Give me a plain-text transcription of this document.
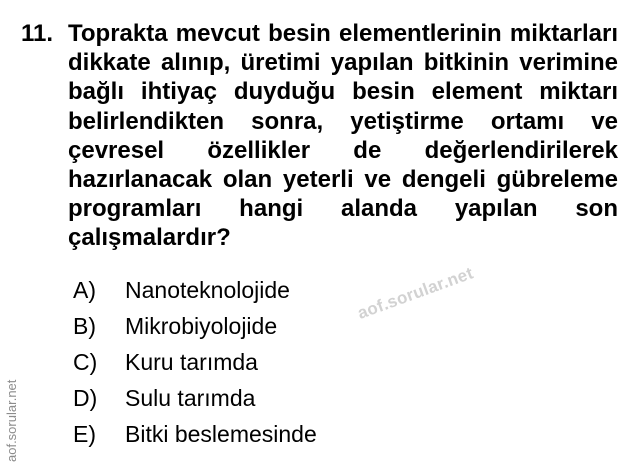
11. Toprakta mevcut besin elementlerinin miktarları dikkate alınıp, üretimi yapılan bitkinin verimine bağlı ihtiyaç duyduğu besin element miktarı belirlendikten sonra, yetiştirme ortamı ve çevresel özellikler de değerlendirilerek hazırlanacak olan yeterli ve dengeli gübreleme programları hangi alanda yapılan son çalışmalardır?
A)	Nanoteknolojide
B)	Mikrobiyolojide
C)	Kuru tarımda
D)	Sulu tarımda
E)	Bitki beslemesinde
aof.sorular.net
aof.sorular.net
